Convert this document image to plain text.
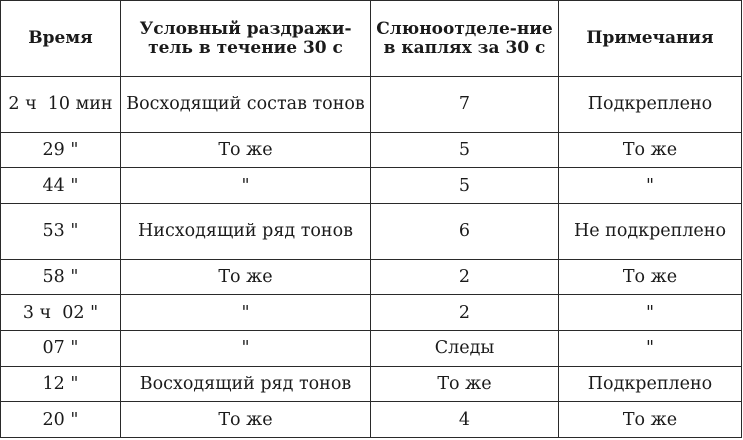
Время	Условный раздражи-тель в течение 30 с	Слюноотделе-ние в каплях за 30 с	Примечания
2 ч  10 мин	Восходящий состав тонов	7	Подкреплено
29 "	То же	5	То же
44 "	"	5	"
53 "	Нисходящий ряд тонов	6	Не подкреплено
58 "	То же	2	То же
3 ч  02 "	"	2	"
07 "	"	Следы	"
12 "	Восходящий ряд тонов	То же	Подкреплено
20 "	То же	4	То же
